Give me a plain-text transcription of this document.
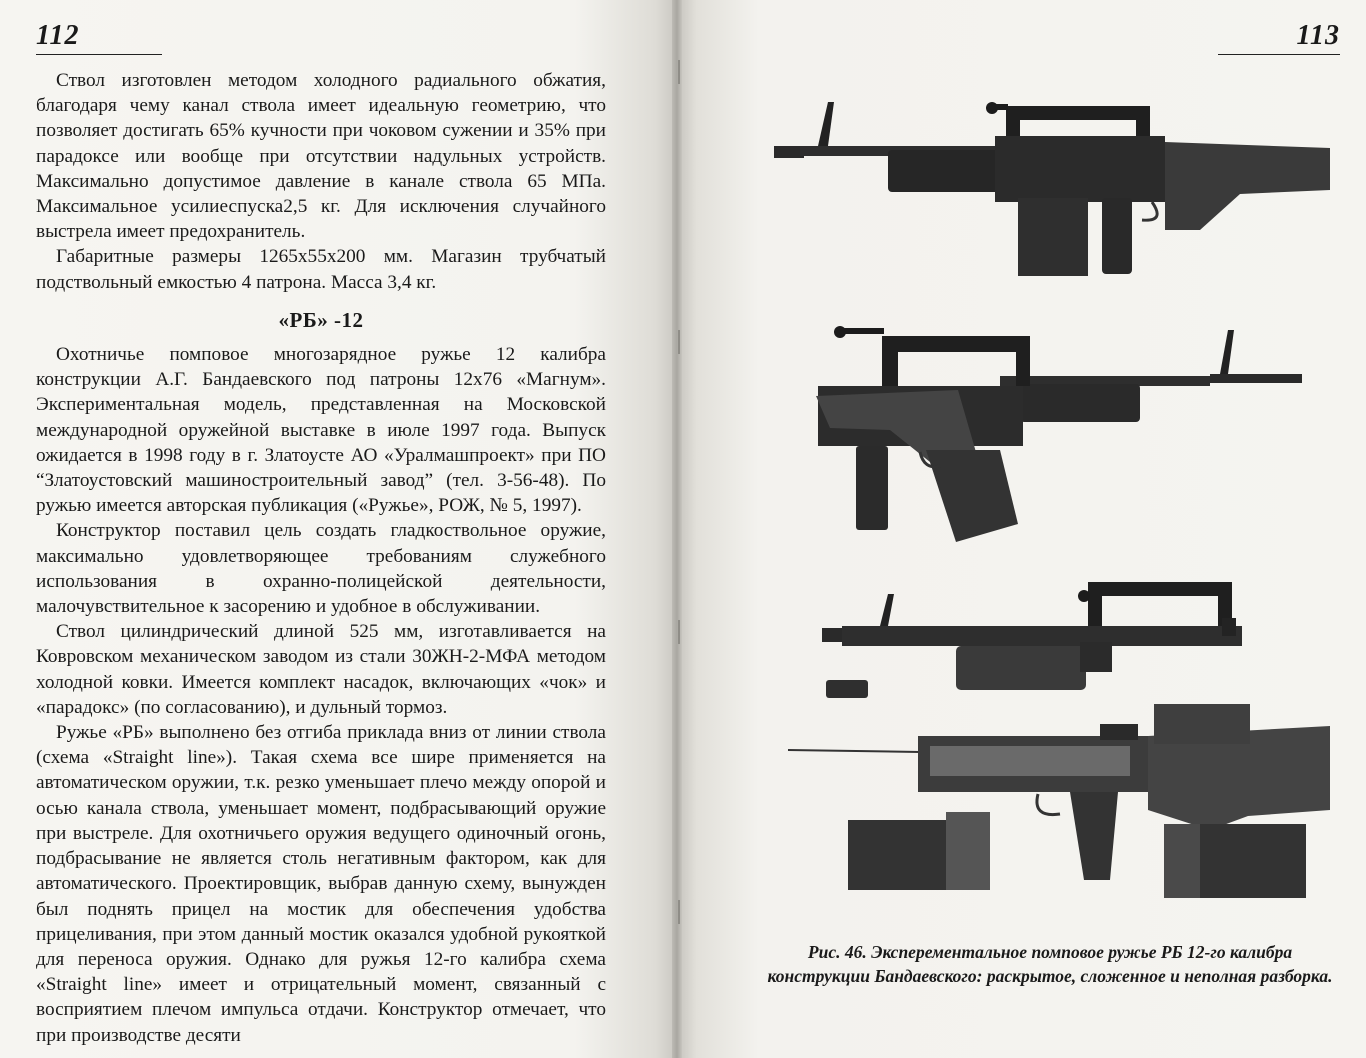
112

Ствол изготовлен методом холодного радиального обжатия, благодаря чему канал ствола имеет идеальную геометрию, что позволяет достигать 65% кучности при чоковом сужении и 35% при парадоксе или вообще при отсутствии надульных устройств. Максимально допустимое давление в канале ствола 65 МПа. Максимальное усилиеспуска2,5 кг. Для исключения случайного выстрела имеет предохранитель.

Габаритные размеры 1265х55х200 мм. Магазин трубчатый подствольный емкостью 4 патрона. Масса 3,4 кг.

«РБ» -12

Охотничье помповое многозарядное ружье 12 калибра конструкции А.Г. Бандаевского под патроны 12х76 «Магнум». Экспериментальная модель, представленная на Московской международной оружейной выставке в июле 1997 года. Выпуск ожидается в 1998 году в г. Златоусте АО «Уралмашпроект» при ПО “Златоустовский машиностроительный завод” (тел. 3-56-48). По ружью имеется авторская публикация («Ружье», РОЖ, № 5, 1997).

Конструктор поставил цель создать гладкоствольное оружие, максимально удовлетворяющее требованиям служебного использования в охранно-полицейской деятельности, малочувствительное к засорению и удобное в обслуживании.

Ствол цилиндрический длиной 525 мм, изготавливается на Ковровском механическом заводом из стали 30ЖН-2-МФА методом холодной ковки. Имеется комплект насадок, включающих «чок» и «парадокс» (по согласованию), и дульный тормоз.

Ружье «РБ» выполнено без отгиба приклада вниз от линии ствола (схема «Straight line»). Такая схема все шире применяется на автоматическом оружии, т.к. резко уменьшает плечо между опорой и осью канала ствола, уменьшает момент, подбрасывающий оружие при выстреле. Для охотничьего оружия ведущего одиночный огонь, подбрасывание не является столь негативным фактором, как для автоматического. Проектировщик, выбрав данную схему, вынужден был поднять прицел на мостик для обеспечения удобства прицеливания, при этом данный мостик оказался удобной рукояткой для переноса оружия. Однако для ружья 12-го калибра схема «Straight line» имеет и отрицательный момент, связанный с восприятием плечом импульса отдачи. Конструктор отмечает, что при производстве десяти

113
Рис. 46. Эксперементальное помповое ружье РБ 12-го калибра конструкции Бандаевского: раскрытое, сложенное и неполная разборка.
